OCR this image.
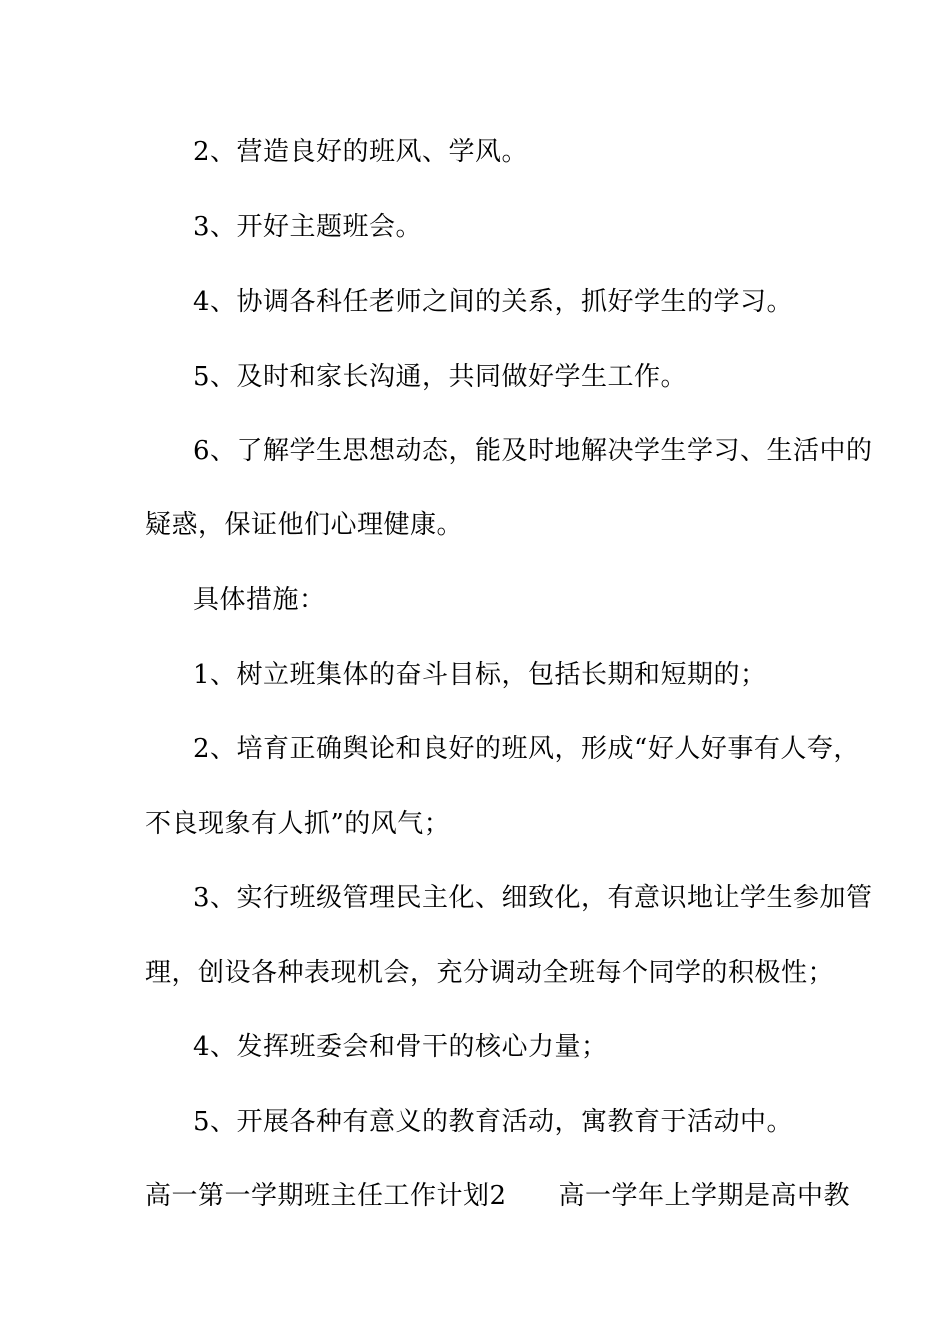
2、营造良好的班风、学风。
3、开好主题班会。
4、协调各科任老师之间的关系，抓好学生的学习。
5、及时和家长沟通，共同做好学生工作。
6、了解学生思想动态，能及时地解决学生学习、生活中的
疑惑，保证他们心理健康。
具体措施：
1、树立班集体的奋斗目标，包括长期和短期的；
2、培育正确舆论和良好的班风，形成“好人好事有人夸，
不良现象有人抓”的风气；
3、实行班级管理民主化、细致化，有意识地让学生参加管
理，创设各种表现机会，充分调动全班每个同学的积极性；
4、发挥班委会和骨干的核心力量；
5、开展各种有意义的教育活动，寓教育于活动中。
高一第一学期班主任工作计划2 高一学年上学期是高中教
